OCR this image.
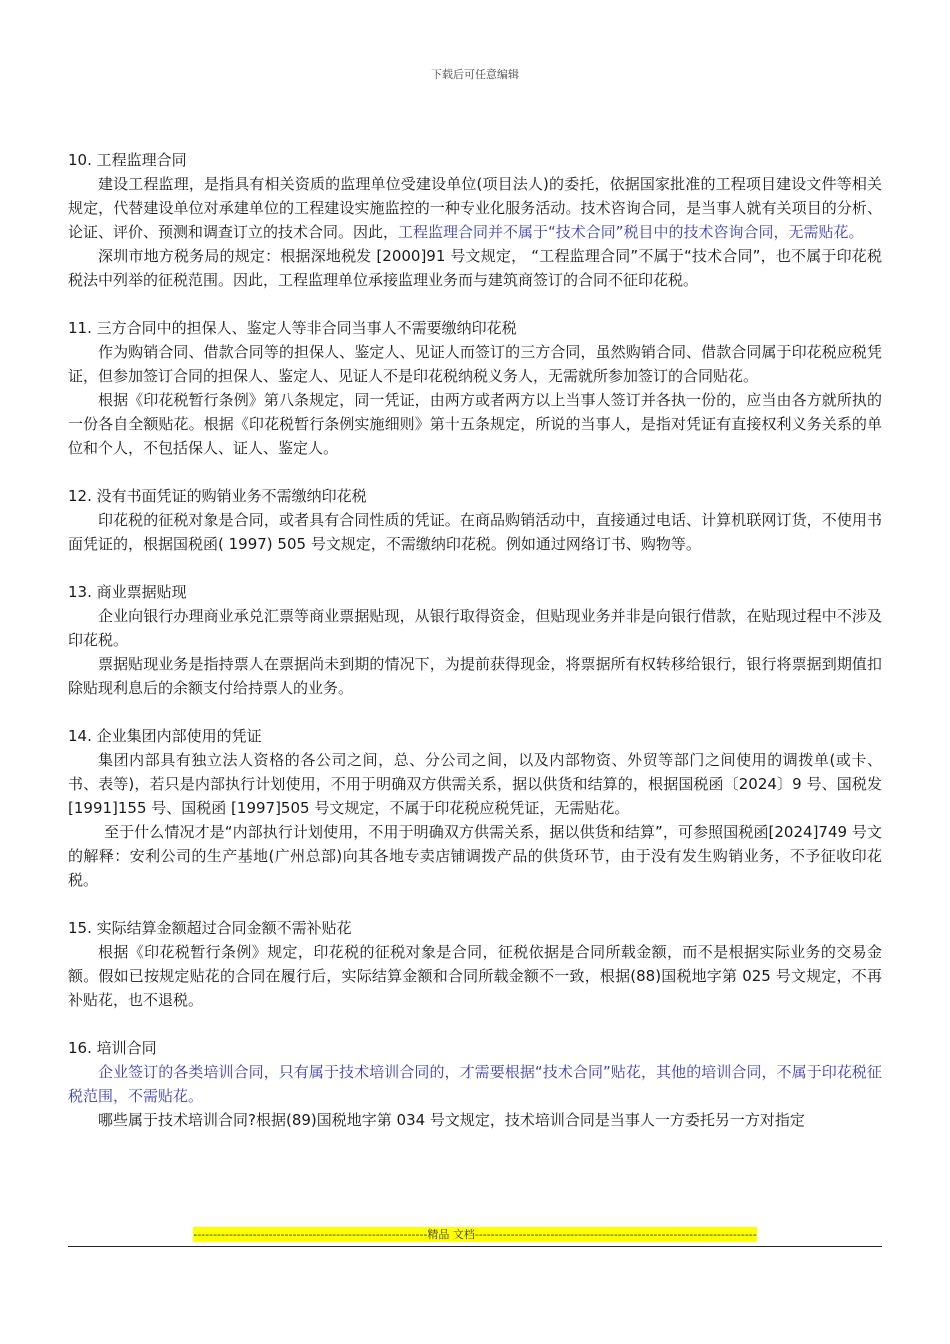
下载后可任意编辑

10. 工程监理合同

建设工程监理，是指具有相关资质的监理单位受建设单位(项目法人)的委托，依据国家批准的工程项目建设文件等相关规定，代替建设单位对承建单位的工程建设实施监控的一种专业化服务活动。技术咨询合同，是当事人就有关项目的分析、论证、评价、预测和调查订立的技术合同。因此，工程监理合同并不属于“技术合同”税目中的技术咨询合同，无需贴花。

深圳市地方税务局的规定：根据深地税发 [2000]91 号文规定， “工程监理合同”不属于“技术合同”，也不属于印花税税法中列举的征税范围。因此，工程监理单位承接监理业务而与建筑商签订的合同不征印花税。

11. 三方合同中的担保人、鉴定人等非合同当事人不需要缴纳印花税

作为购销合同、借款合同等的担保人、鉴定人、见证人而签订的三方合同，虽然购销合同、借款合同属于印花税应税凭证，但参加签订合同的担保人、鉴定人、见证人不是印花税纳税义务人，无需就所参加签订的合同贴花。

根据《印花税暂行条例》第八条规定，同一凭证，由两方或者两方以上当事人签订并各执一份的，应当由各方就所执的一份各自全额贴花。根据《印花税暂行条例实施细则》第十五条规定，所说的当事人，是指对凭证有直接权利义务关系的单位和个人，不包括保人、证人、鉴定人。

12. 没有书面凭证的购销业务不需缴纳印花税

印花税的征税对象是合同，或者具有合同性质的凭证。在商品购销活动中，直接通过电话、计算机联网订货，不使用书面凭证的，根据国税函( 1997) 505 号文规定，不需缴纳印花税。例如通过网络订书、购物等。

13. 商业票据贴现

企业向银行办理商业承兑汇票等商业票据贴现，从银行取得资金，但贴现业务并非是向银行借款，在贴现过程中不涉及印花税。

票据贴现业务是指持票人在票据尚未到期的情况下，为提前获得现金，将票据所有权转移给银行，银行将票据到期值扣除贴现利息后的余额支付给持票人的业务。

14. 企业集团内部使用的凭证

集团内部具有独立法人资格的各公司之间，总、分公司之间，以及内部物资、外贸等部门之间使用的调拨单(或卡、书、表等)，若只是内部执行计划使用，不用于明确双方供需关系，据以供货和结算的，根据国税函〔2024〕9 号、国税发 [1991]155 号、国税函 [1997]505 号文规定，不属于印花税应税凭证，无需贴花。

至于什么情况才是“内部执行计划使用，不用于明确双方供需关系，据以供货和结算”，可参照国税函[2024]749 号文的解释：安利公司的生产基地(广州总部)向其各地专卖店铺调拨产品的供货环节，由于没有发生购销业务，不予征收印花税。

15. 实际结算金额超过合同金额不需补贴花

根据《印花税暂行条例》规定，印花税的征税对象是合同，征税依据是合同所载金额，而不是根据实际业务的交易金额。假如已按规定贴花的合同在履行后，实际结算金额和合同所载金额不一致，根据(88)国税地字第 025 号文规定，不再补贴花，也不退税。

16. 培训合同

企业签订的各类培训合同，只有属于技术培训合同的，才需要根据“技术合同”贴花，其他的培训合同，不属于印花税征税范围，不需贴花。

哪些属于技术培训合同?根据(89)国税地字第 034 号文规定，技术培训合同是当事人一方委托另一方对指定

-----------------------------------------------------------精品 文档-----------------------------------------------------------------------
